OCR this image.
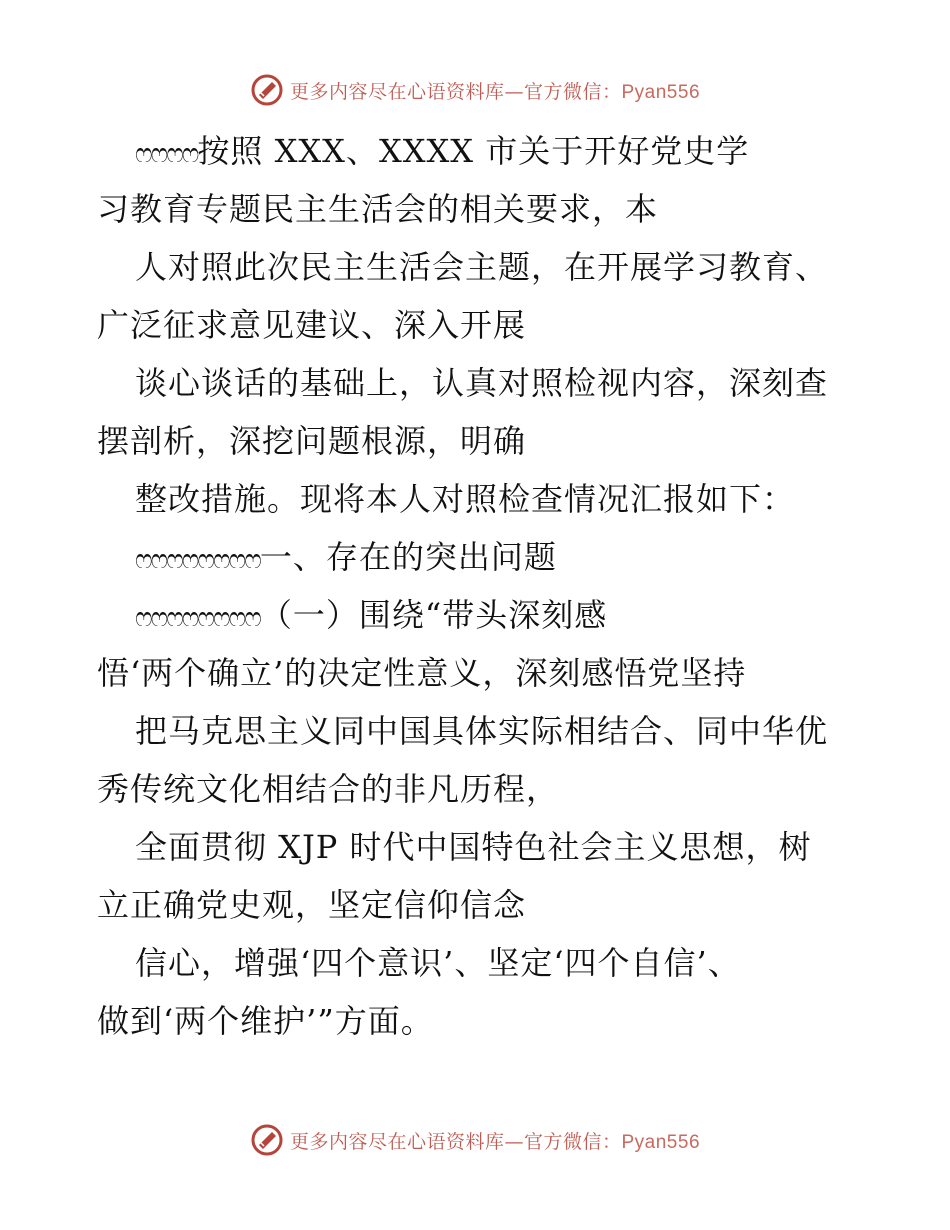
更多内容尽在心语资料库—官方微信：Pyan556
ෆෆෆෆ按照 XXX、XXXX 市关于开好党史学
习教育专题民主生活会的相关要求，本
人对照此次民主生活会主题，在开展学习教育、
广泛征求意见建议、深入开展
谈心谈话的基础上，认真对照检视内容，深刻查
摆剖析，深挖问题根源，明确
整改措施。现将本人对照检查情况汇报如下：
ෆෆෆෆෆෆෆෆ一、存在的突出问题
ෆෆෆෆෆෆෆෆ（一）围绕“带头深刻感
悟‘两个确立’的决定性意义，深刻感悟党坚持
把马克思主义同中国具体实际相结合、同中华优
秀传统文化相结合的非凡历程，
全面贯彻 XJP 时代中国特色社会主义思想，树
立正确党史观，坚定信仰信念
信心，增强‘四个意识’、坚定‘四个自信’、
做到‘两个维护’”方面。
更多内容尽在心语资料库—官方微信：Pyan556
